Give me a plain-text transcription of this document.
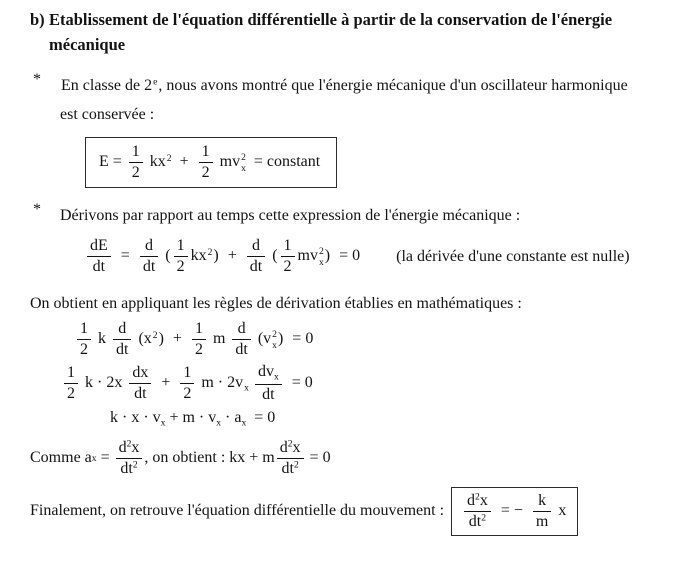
b) Etablissement de l'équation différentielle à partir de la conservation de l'énergie
mécanique
*	En classe de 2e, nous avons montré que l'énergie mécanique d'un oscillateur harmonique
est conservée :
$E = \frac{1}{2} kx^2 + \frac{1}{2}$ mv 2
x = constant
*	Dérivons par rapport au temps cette expression de l'énergie mécanique :
$\frac{dE}{dt} = \frac{d}{dt}$ ( $\frac{1}{2} kx^2) + \frac{d}{dt}$ ( $\frac{1}{2}$ mv 2
x ) = 0 (la dérivée d'une constante est nulle)
On obtient en appliquant les règles de dérivation établies en mathématiques :
$\frac{1}{2}$ k $\frac{d}{dt} (x^2) + \frac{1}{2}$ m $\frac{d}{dt} (v$ 2
x ) = 0
$\frac{1}{2}$ $k \cdot 2x \frac{dx}{dt} + \frac{1}{2}$ $m \cdot 2v_x \frac{dv_x}{dt} = 0$
$k \cdot x \cdot v_x + m \cdot v_x \cdot a_x = 0$
Comme a $x = \frac{d^2x}{dt^2}$ , on obtient : kx + m $\frac{d^2x}{dt^2} = 0$
Finalement, on retrouve l'équation différentielle du mouvement : $\frac{d^2x}{dt^2}$ = − $\frac{k}{m}$ x
